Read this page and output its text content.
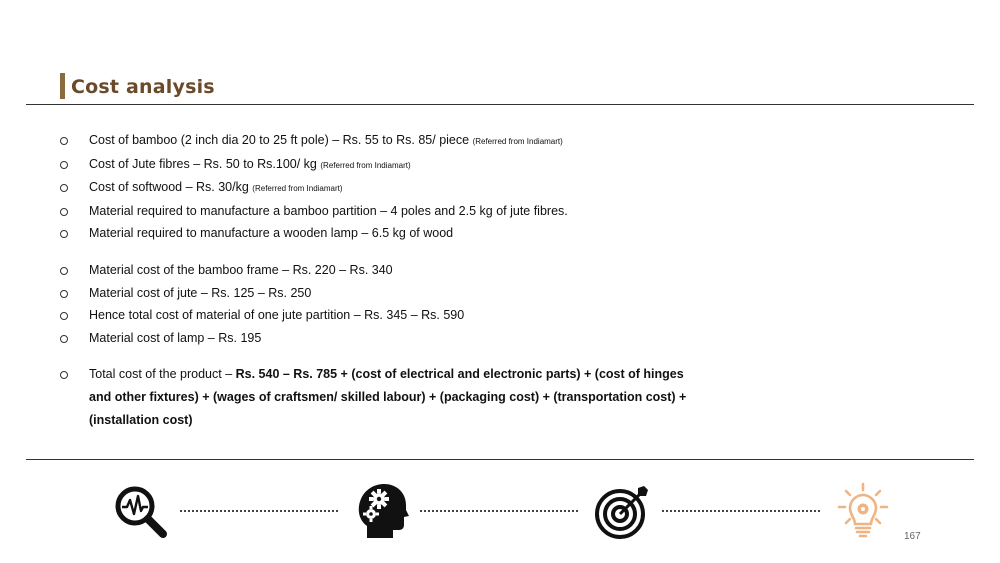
Cost analysis
Cost of bamboo (2 inch dia 20 to 25 ft pole) – Rs. 55 to Rs. 85/ piece (Referred from Indiamart)
Cost of Jute fibres – Rs. 50 to Rs.100/ kg (Referred from Indiamart)
Cost of softwood – Rs. 30/kg (Referred from Indiamart)
Material required to manufacture a bamboo partition – 4 poles and 2.5 kg of jute fibres.
Material required to manufacture a wooden lamp – 6.5 kg of wood
Material cost of the bamboo frame – Rs. 220 – Rs. 340
Material cost of jute – Rs. 125 – Rs. 250
Hence total cost of material of one jute partition – Rs. 345 – Rs. 590
Material cost of lamp – Rs. 195
Total cost of the product – Rs. 540 – Rs. 785 + (cost of electrical and electronic parts) + (cost of hinges and other fixtures) + (wages of craftsmen/ skilled labour) + (packaging cost) + (transportation cost) + (installation cost)
167
